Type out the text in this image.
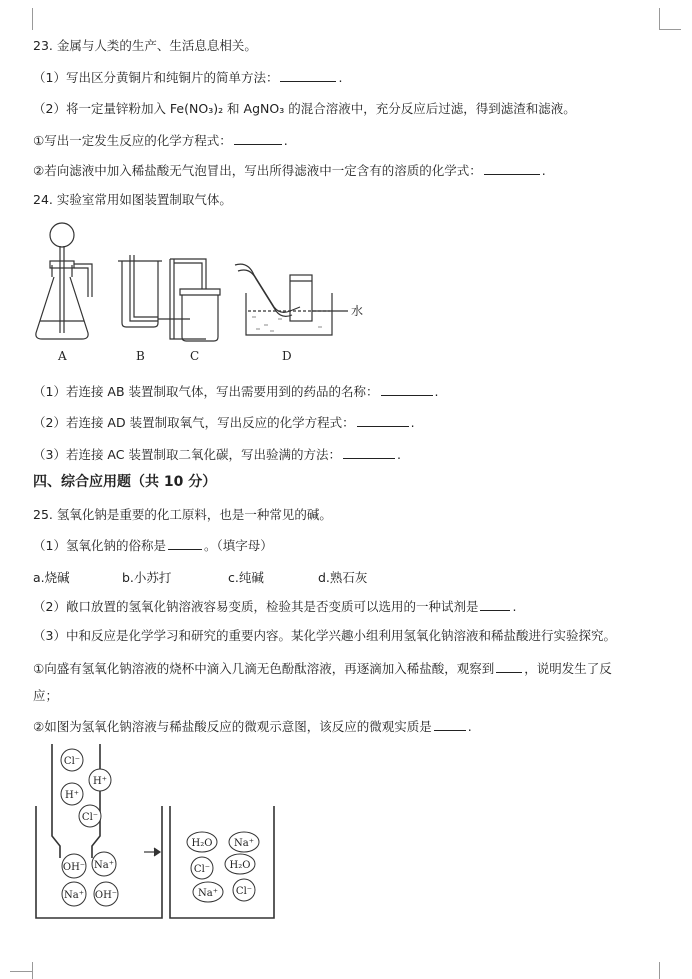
23. 金属与人类的生产、生活息息相关。
（1）写出区分黄铜片和纯铜片的简单方法：	.
（2）将一定量锌粉加入 Fe(NO₃)₂ 和 AgNO₃ 的混合溶液中，充分反应后过滤，得到滤渣和滤液。
①写出一定发生反应的化学方程式：	.
②若向滤液中加入稀盐酸无气泡冒出，写出所得滤液中一定含有的溶质的化学式：	.
24. 实验室常用如图装置制取气体。
A	B	C	D
水
（1）若连接 AB 装置制取气体，写出需要用到的药品的名称：	.
（2）若连接 AD 装置制取氧气，写出反应的化学方程式：	.
（3）若连接 AC 装置制取二氧化碳，写出验满的方法：	.
四、综合应用题（共 10 分）
25. 氢氧化钠是重要的化工原料，也是一种常见的碱。
（1）氢氧化钠的俗称是	。（填字母）
a.烧碱	b.小苏打	c.纯碱	d.熟石灰
（2）敞口放置的氢氧化钠溶液容易变质，检验其是否变质可以选用的一种试剂是	.
（3）中和反应是化学学习和研究的重要内容。某化学兴趣小组利用氢氧化钠溶液和稀盐酸进行实验探究。
①向盛有氢氧化钠溶液的烧杯中滴入几滴无色酚酞溶液，再逐滴加入稀盐酸，观察到 ，说明发生了反
应；
②如图为氢氧化钠溶液与稀盐酸反应的微观示意图，该反应的微观实质是	.
Cl⁻
H⁺
H⁺
Cl⁻
OH⁻ Na⁺
Na⁺ OH⁻
H₂O Na⁺
Cl⁻ H₂O
Na⁺ Cl⁻
